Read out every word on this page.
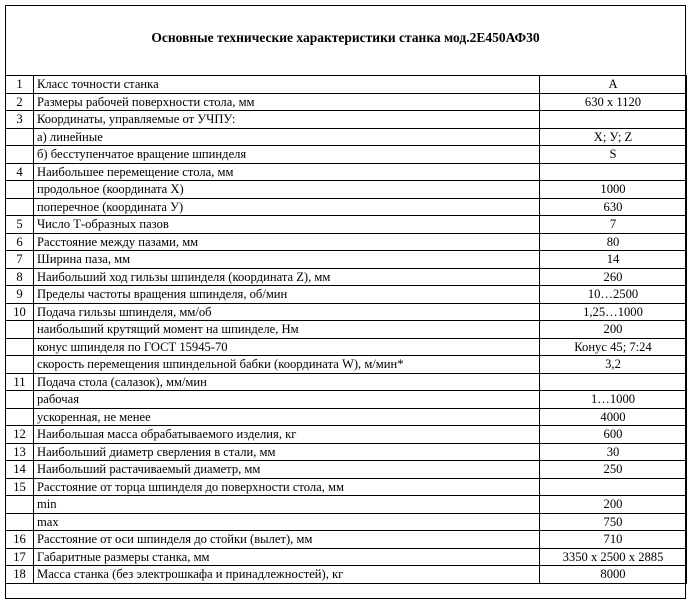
Основные технические характеристики станка мод.2Е450АФ30
1	Класс точности станка	А
2	Размеры рабочей поверхности стола, мм	630 х 1120
3	Координаты, управляемые от УЧПУ:	
	а) линейные	X; У; Z
	б) бесступенчатое вращение шпинделя	S
4	Наибольшее перемещение стола, мм	
	продольное (координата X)	1000
	поперечное (координата У)	630
5	Число Т-образных пазов	7
6	Расстояние между пазами, мм	80
7	Ширина паза, мм	14
8	Наибольший ход гильзы шпинделя (координата Z), мм	260
9	Пределы частоты вращения шпинделя, об/мин	10…2500
10	Подача гильзы шпинделя, мм/об	1,25…1000
	наибольший крутящий момент на шпинделе, Нм	200
	конус шпинделя по ГОСТ 15945-70	Конус 45; 7:24
	скорость перемещения шпиндельной бабки (координата W), м/мин*	3,2
11	Подача стола (салазок), мм/мин	
	рабочая	1…1000
	ускоренная, не менее	4000
12	Наибольшая масса обрабатываемого изделия, кг	600
13	Наибольший диаметр сверления в стали, мм	30
14	Наибольший растачиваемый диаметр, мм	250
15	Расстояние от торца шпинделя до поверхности стола, мм	
	min	200
	max	750
16	Расстояние от оси шпинделя до стойки (вылет), мм	710
17	Габаритные размеры станка, мм	3350 х 2500 х 2885
18	Масса станка (без электрошкафа и принадлежностей), кг	8000
